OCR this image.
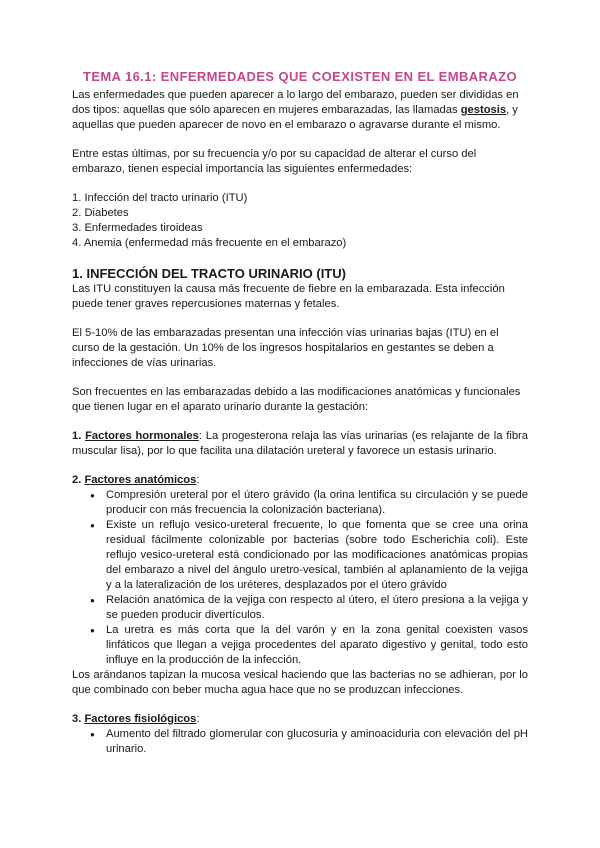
TEMA 16.1: ENFERMEDADES QUE COEXISTEN EN EL EMBARAZO

Las enfermedades que pueden aparecer a lo largo del embarazo, pueden ser divididas en dos tipos: aquellas que sólo aparecen en mujeres embarazadas, las llamadas gestosis, y aquellas que pueden aparecer de novo en el embarazo o agravarse durante el mismo.

Entre estas últimas, por su frecuencia y/o por su capacidad de alterar el curso del embarazo, tienen especial importancia las siguientes enfermedades:

1. Infección del tracto urinario (ITU)
2. Diabetes
3. Enfermedades tiroideas
4. Anemia (enfermedad más frecuente en el embarazo)
1. INFECCIÓN DEL TRACTO URINARIO (ITU)

Las ITU constituyen la causa más frecuente de fiebre en la embarazada. Esta infección puede tener graves repercusiones maternas y fetales.

El 5-10% de las embarazadas presentan una infección vías urinarias bajas (ITU) en el curso de la gestación. Un 10% de los ingresos hospitalarios en gestantes se deben a infecciones de vías urinarias.

Son frecuentes en las embarazadas debido a las modificaciones anatómicas y funcionales que tienen lugar en el aparato urinario durante la gestación:

1. Factores hormonales: La progesterona relaja las vías urinarias (es relajante de la fibra muscular lisa), por lo que facilita una dilatación ureteral y favorece un estasis urinario.

2. Factores anatómicos:

● Compresión ureteral por el útero grávido (la orina lentifica su circulación y se puede producir con más frecuencia la colonización bacteriana).
● Existe un reflujo vesico-ureteral frecuente, lo que fomenta que se cree una orina residual fácilmente colonizable por bacterias (sobre todo Escherichia coli). Este reflujo vesico-ureteral está condicionado por las modificaciones anatómicas propias del embarazo a nivel del ángulo uretro-vesical, también al aplanamiento de la vejiga y a la lateralización de los uréteres, desplazados por el útero grávido
● Relación anatómica de la vejiga con respecto al útero, el útero presiona a la vejiga y se pueden producir divertículos.
● La uretra es más corta que la del varón y en la zona genital coexisten vasos linfáticos que llegan a vejiga procedentes del aparato digestivo y genital, todo esto influye en la producción de la infección.

Los arándanos tapizan la mucosa vesical haciendo que las bacterias no se adhieran, por lo que combinado con beber mucha agua hace que no se produzcan infecciones.

3. Factores fisiológicos:

● Aumento del filtrado glomerular con glucosuria y aminoaciduria con elevación del pH urinario.
